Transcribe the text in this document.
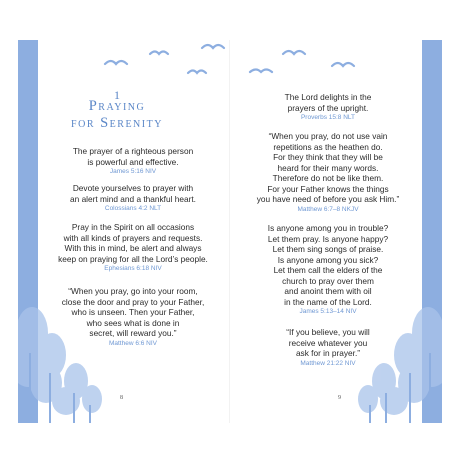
1
Praying
for Serenity
The prayer of a righteous person
is powerful and effective.
James 5:16 NIV
Devote yourselves to prayer with
an alert mind and a thankful heart.
Colossians 4:2 NLT
Pray in the Spirit on all occasions
with all kinds of prayers and requests.
With this in mind, be alert and always
keep on praying for all the Lord’s people.
Ephesians 6:18 NIV
“When you pray, go into your room,
close the door and pray to your Father,
who is unseen. Then your Father,
who sees what is done in
secret, will reward you.”
Matthew 6:6 NIV
8
The Lord delights in the
prayers of the upright.
Proverbs 15:8 NLT
“When you pray, do not use vain
repetitions as the heathen do.
For they think that they will be
heard for their many words.
Therefore do not be like them.
For your Father knows the things
you have need of before you ask Him.”
Matthew 6:7–8 NKJV
Is anyone among you in trouble?
Let them pray. Is anyone happy?
Let them sing songs of praise.
Is anyone among you sick?
Let them call the elders of the
church to pray over them
and anoint them with oil
in the name of the Lord.
James 5:13–14 NIV
“If you believe, you will
receive whatever you
ask for in prayer.”
Matthew 21:22 NIV
9
